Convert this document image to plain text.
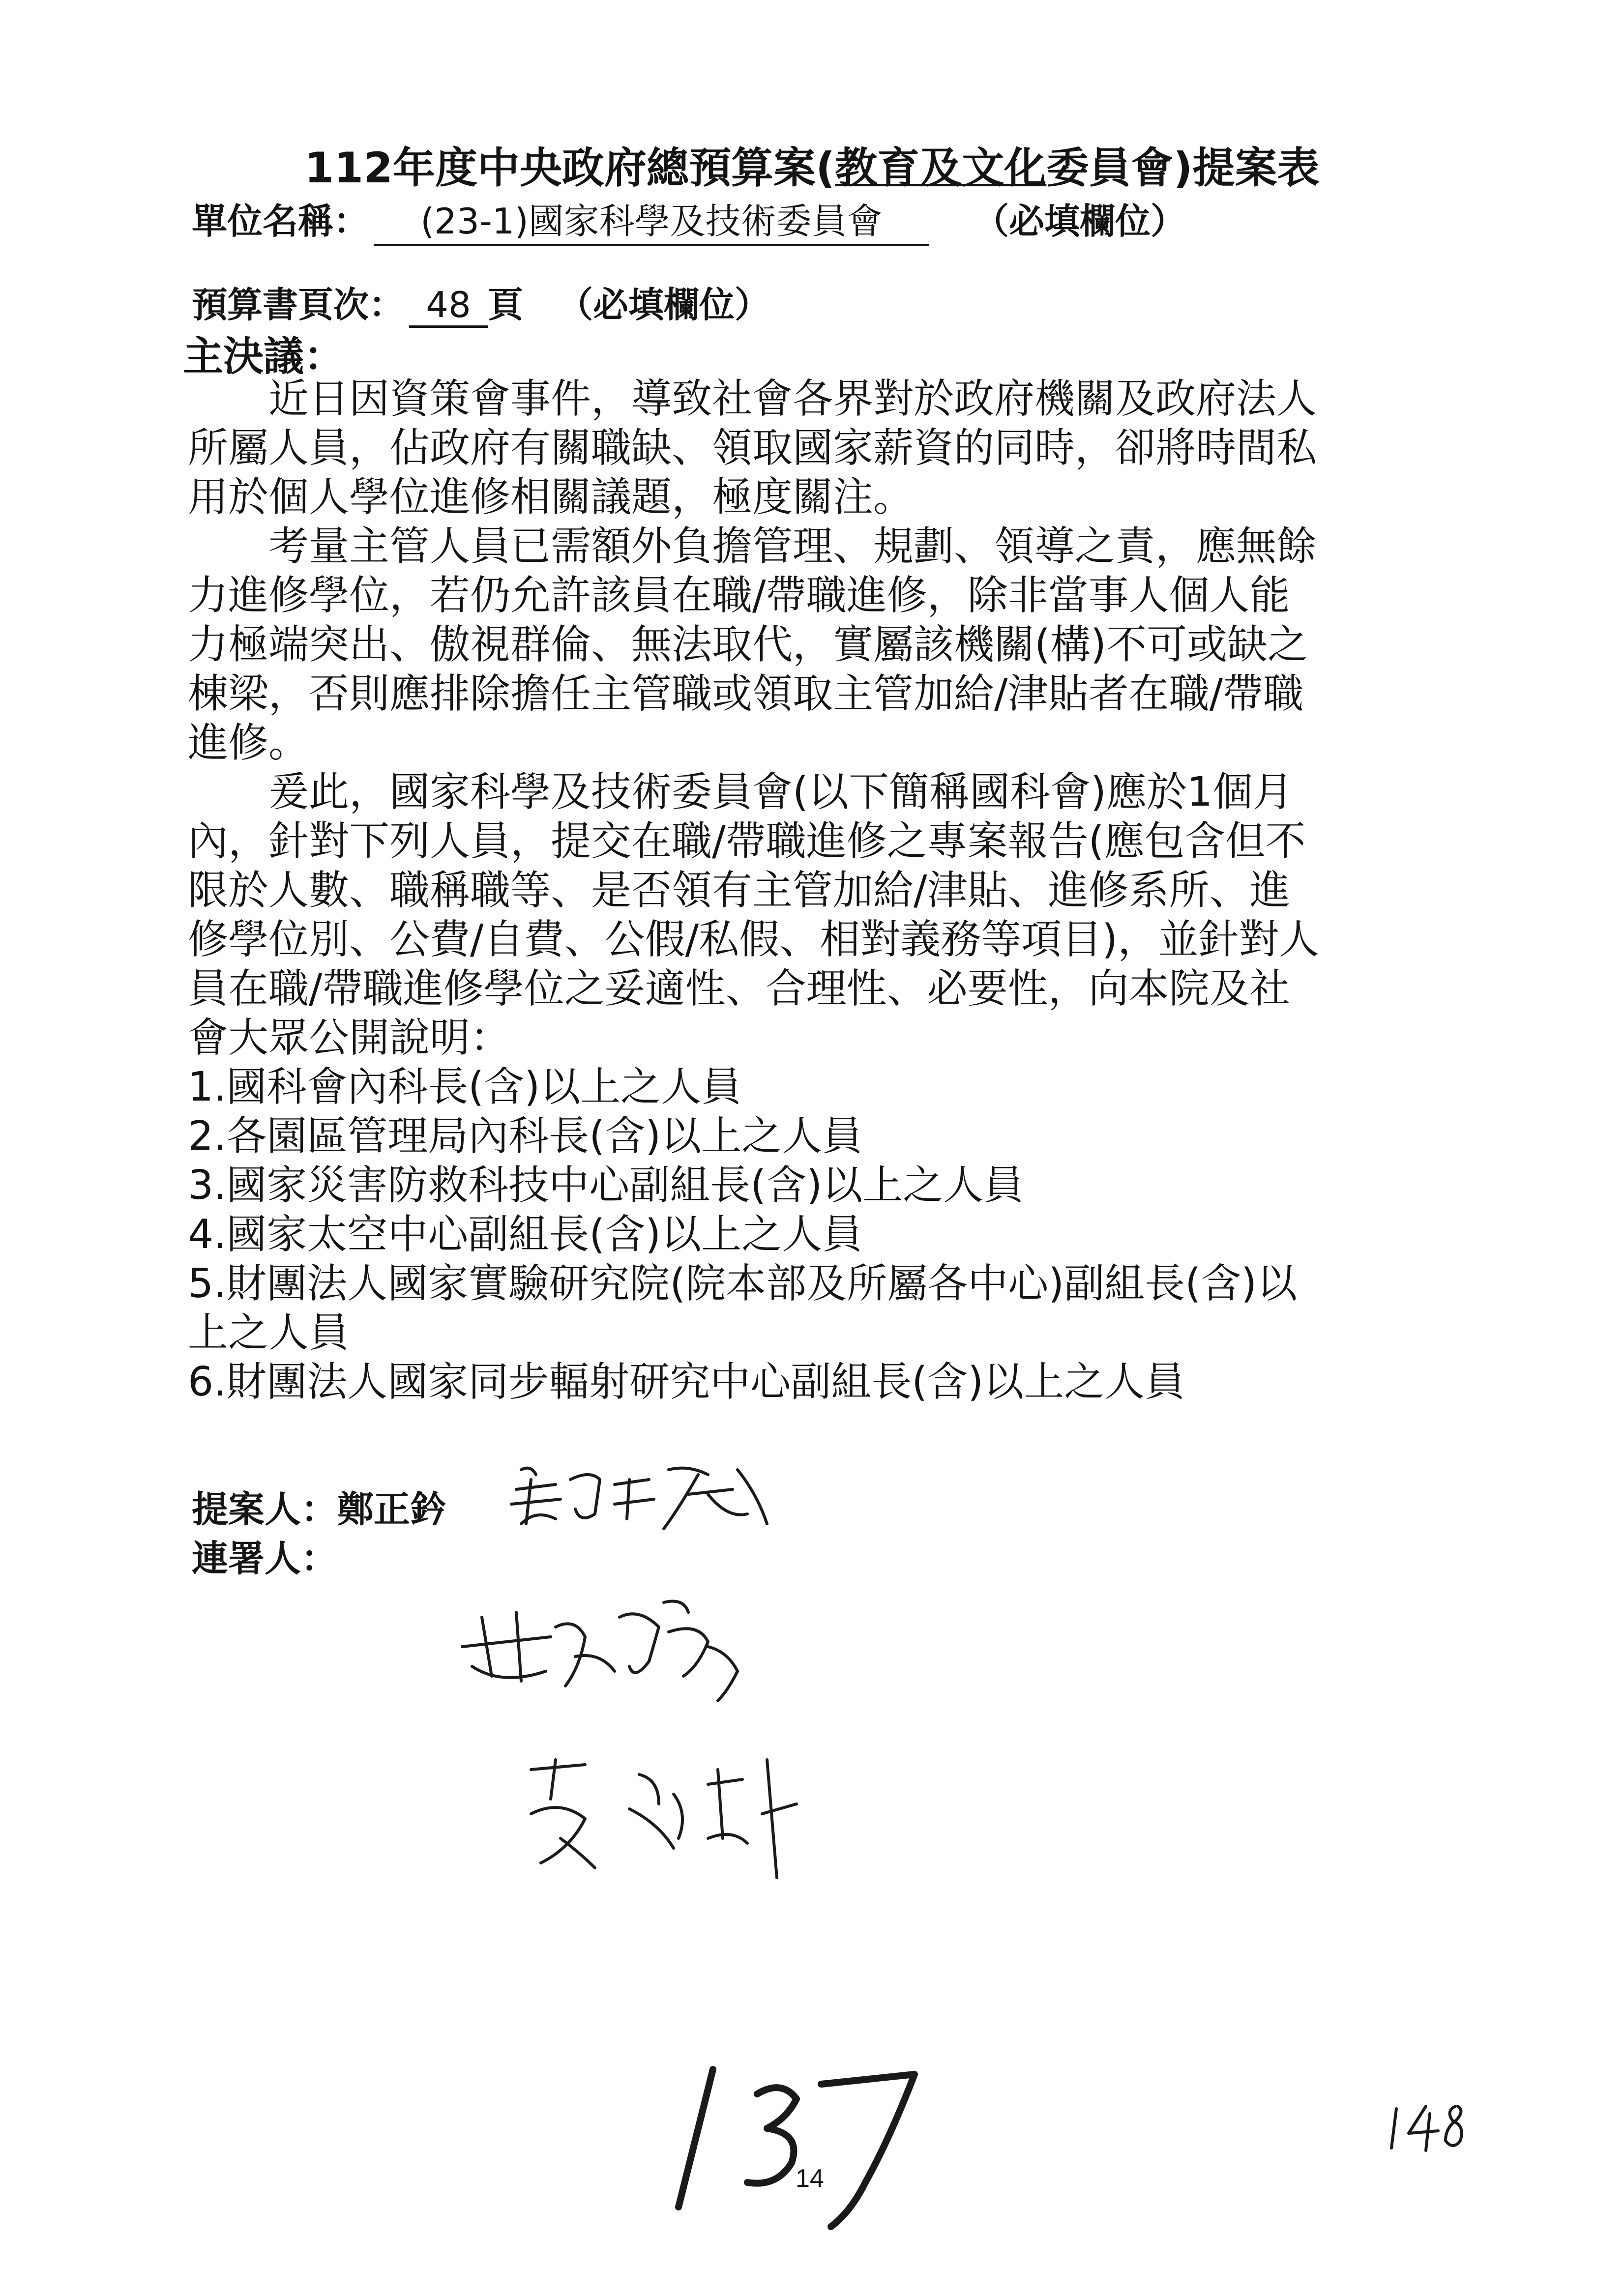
112年度中央政府總預算案(教育及文化委員會)提案表
單位名稱： (23-1)國家科學及技術委員會	（必填欄位）
預算書頁次： 48 頁 （必填欄位）
主決議：
　　近日因資策會事件，導致社會各界對於政府機關及政府法人
所屬人員，佔政府有關職缺、領取國家薪資的同時，卻將時間私
用於個人學位進修相關議題，極度關注。
　　考量主管人員已需額外負擔管理、規劃、領導之責，應無餘
力進修學位，若仍允許該員在職/帶職進修，除非當事人個人能
力極端突出、傲視群倫、無法取代，實屬該機關(構)不可或缺之
棟梁，否則應排除擔任主管職或領取主管加給/津貼者在職/帶職
進修。
　　爰此，國家科學及技術委員會(以下簡稱國科會)應於1個月
內，針對下列人員，提交在職/帶職進修之專案報告(應包含但不
限於人數、職稱職等、是否領有主管加給/津貼、進修系所、進
修學位別、公費/自費、公假/私假、相對義務等項目)，並針對人
員在職/帶職進修學位之妥適性、合理性、必要性，向本院及社
會大眾公開說明：
1.國科會內科長(含)以上之人員
2.各園區管理局內科長(含)以上之人員
3.國家災害防救科技中心副組長(含)以上之人員
4.國家太空中心副組長(含)以上之人員
5.財團法人國家實驗研究院(院本部及所屬各中心)副組長(含)以
上之人員
6.財團法人國家同步輻射研究中心副組長(含)以上之人員
提案人：鄭正鈐
連署人：
14
